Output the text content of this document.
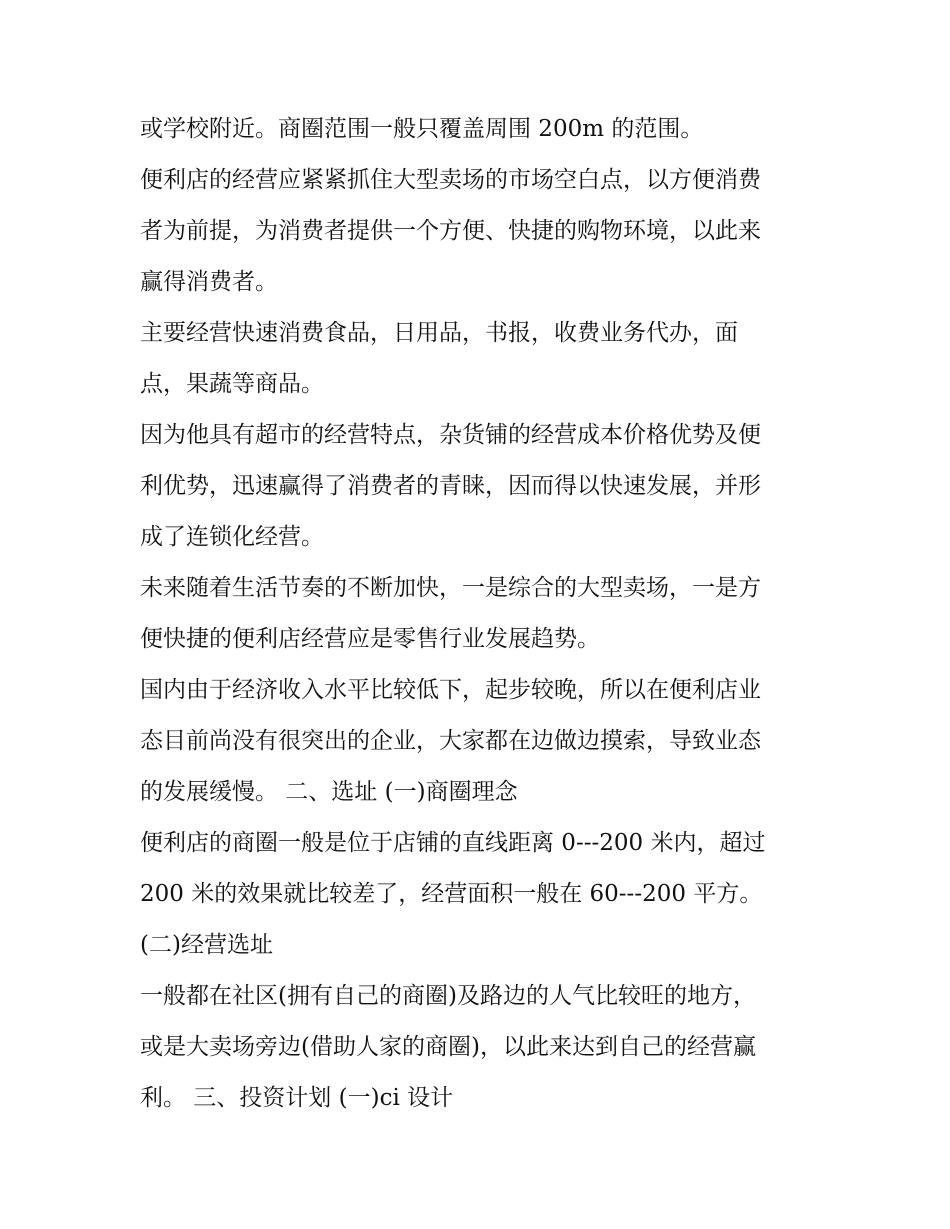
或学校附近。商圈范围一般只覆盖周围 200m 的范围。

便利店的经营应紧紧抓住大型卖场的市场空白点，以方便消费
者为前提，为消费者提供一个方便、快捷的购物环境，以此来
赢得消费者。

主要经营快速消费食品，日用品，书报，收费业务代办，面
点，果蔬等商品。

因为他具有超市的经营特点，杂货铺的经营成本价格优势及便
利优势，迅速赢得了消费者的青睐，因而得以快速发展，并形
成了连锁化经营。

未来随着生活节奏的不断加快，一是综合的大型卖场，一是方
便快捷的便利店经营应是零售行业发展趋势。

国内由于经济收入水平比较低下，起步较晚，所以在便利店业
态目前尚没有很突出的企业，大家都在边做边摸索，导致业态
的发展缓慢。 二、选址 (一)商圈理念

便利店的商圈一般是位于店铺的直线距离 0---200 米内，超过
200 米的效果就比较差了，经营面积一般在 60---200 平方。

(二)经营选址

一般都在社区(拥有自己的商圈)及路边的人气比较旺的地方，
或是大卖场旁边(借助人家的商圈)，以此来达到自己的经营赢
利。 三、投资计划 (一)ci 设计
